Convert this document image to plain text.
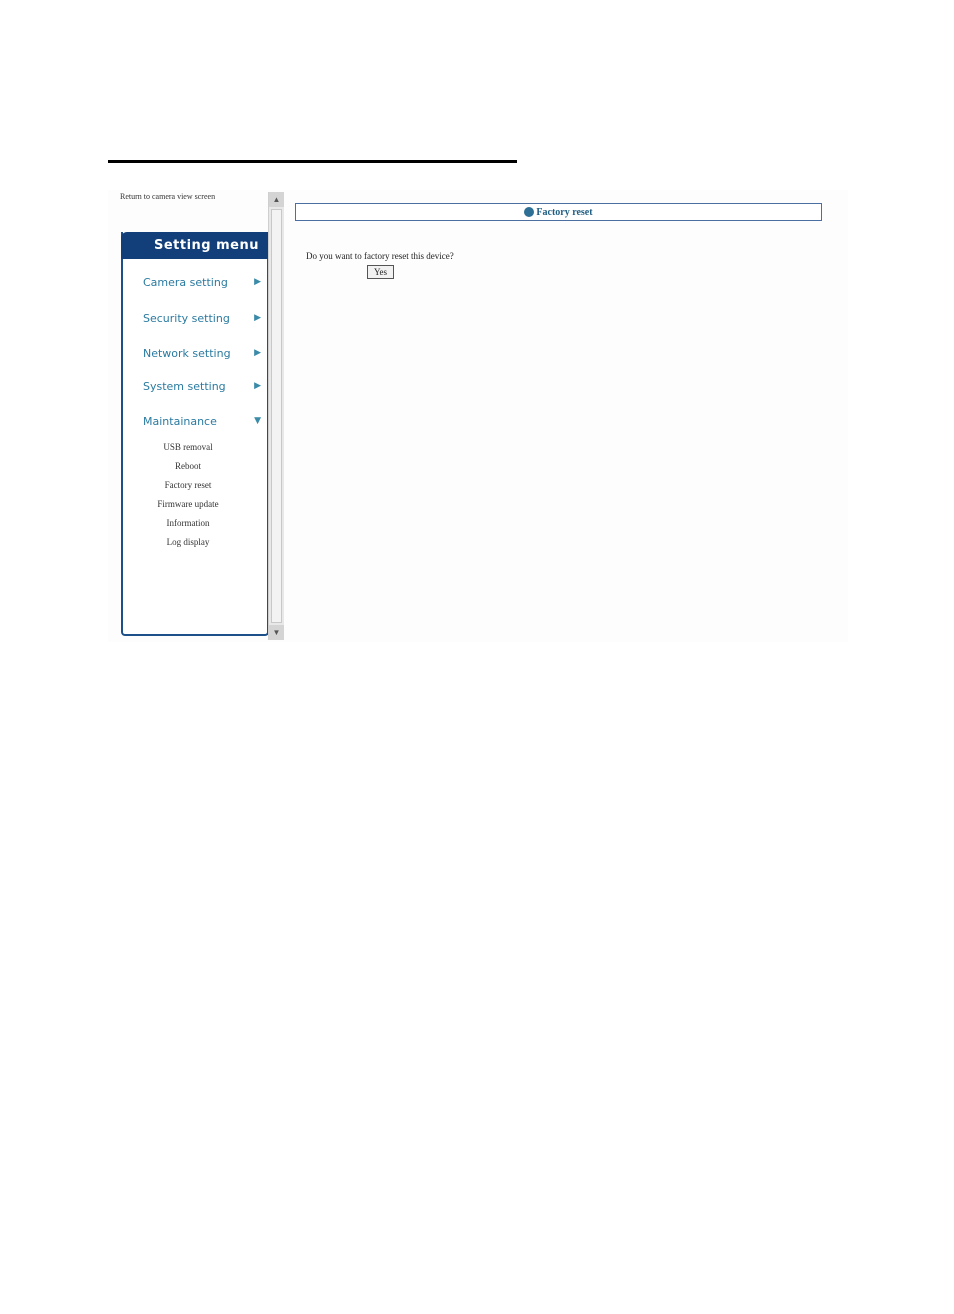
Return to camera view screen
Setting menu
Camera setting	▶
Security setting	▶
Network setting	▶
System setting	▶
Maintainance	▼
USB removal
Reboot
Factory reset
Firmware update
Information
Log display
▲
▼
Factory reset
Do you want to factory reset this device?
Yes
